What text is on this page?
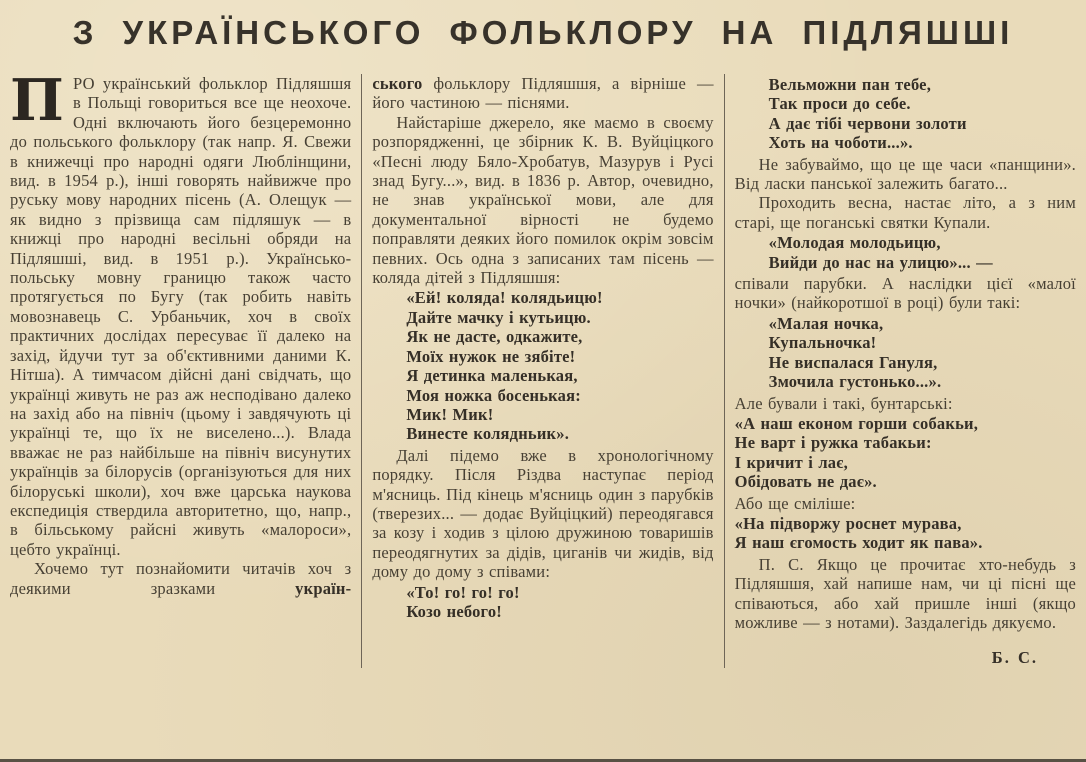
З УКРАЇНСЬКОГО ФОЛЬКЛОРУ НА ПІДЛЯШШІ

ПРО український фольклор Підляшшя в Польщі говориться все ще неохоче. Одні включають його безцеремонно до польського фольклору (так напр. Я. Свежи в книжечці про народні одяги Люблінщини, вид. в 1954 р.), інші говорять найвижче про руську мову народних пісень (А. Олещук — як видно з прізвища сам підляшук — в книжці про народні весільні обряди на Підляшші, вид. в 1951 р.). Українсько-польську мовну границю також часто протягується по Бугу (так робить навіть мовознавець С. Урбаньчик, хоч в своїх практичних дослідах пересуває її далеко на захід, йдучи тут за об'єктивними даними К. Нітша). А тимчасом дійсні дані свідчать, що українці живуть не раз аж несподівано далеко на захід або на північ (цьому і завдячують ці українці те, що їх не виселено...). Влада вважає не раз найбільше на північ висунутих українців за білорусів (організуються для них білоруські школи), хоч вже царська наукова експедиція ствердила авторитетно, що, напр., в більському райсні живуть «малороси», цебто українці.

Хочемо тут познайомити читачів хоч з деякими зразками україн-

ського фольклору Підляшшя, а вірніше — його частиною — піснями.

Найстаріше джерело, яке маємо в своєму розпорядженні, це збірник К. В. Вуйціцкого «Песні люду Бяло-Хробатув, Мазурув і Русі знад Бугу...», вид. в 1836 р. Автор, очевидно, не знав української мови, але для документальної вірності не будемо поправляти деяких його помилок окрім зовсім певних. Ось одна з записаних там пісень — коляда дітей з Підляшшя:

«Ей! коляда! колядьицю!
Дайте мачку і кутьицю.
Як не дасте, одкажите,
Моїх нужок не зябіте!
Я детинка маленькая,
Моя ножка босенькая:
Мик! Мик!
Винесте колядньик».

Далі підемо вже в хронологічному порядку. Після Різдва наступає період м'ясниць. Під кінець м'ясниць один з парубків (тверезих... — додає Вуйціцкий) переодягався за козу і ходив з цілою дружиною товаришів переодягнутих за дідів, циганів чи жидів, від дому до дому з співами:

«То! го! го! го!
Козо небого!
Вельможни пан тебе,
Так проси до себе.
А дає тібі червони золоти
Хоть на чоботи...».

Не забуваймо, що це ще часи «панщини». Від ласки панської залежить багато...

Проходить весна, настає літо, а з ним старі, ще поганські святки Купали.

«Молодая молодьицю,
Вийди до нас на улицю»... —

співали парубки. А наслідки цієї «малої ночки» (найкоротшої в році) були такі:

«Малая ночка,
Купальночка!
Не виспалася Гануля,
Змочила густонько...».

Але бували і такі, бунтарські:

«А наш економ горши собакьи,
Не варт і ружка табакьи:
І кричит і лає,
Обідовать не дає».

Або ще сміліше:

«На підворжу роснет мурава,
Я наш єгомость ходит як пава».

П. С. Якщо це прочитає хто-небудь з Підляшшя, хай напише нам, чи ці пісні ще співаються, або хай пришле інші (якщо можливе — з нотами). Заздалегідь дякуємо.

Б. С.
